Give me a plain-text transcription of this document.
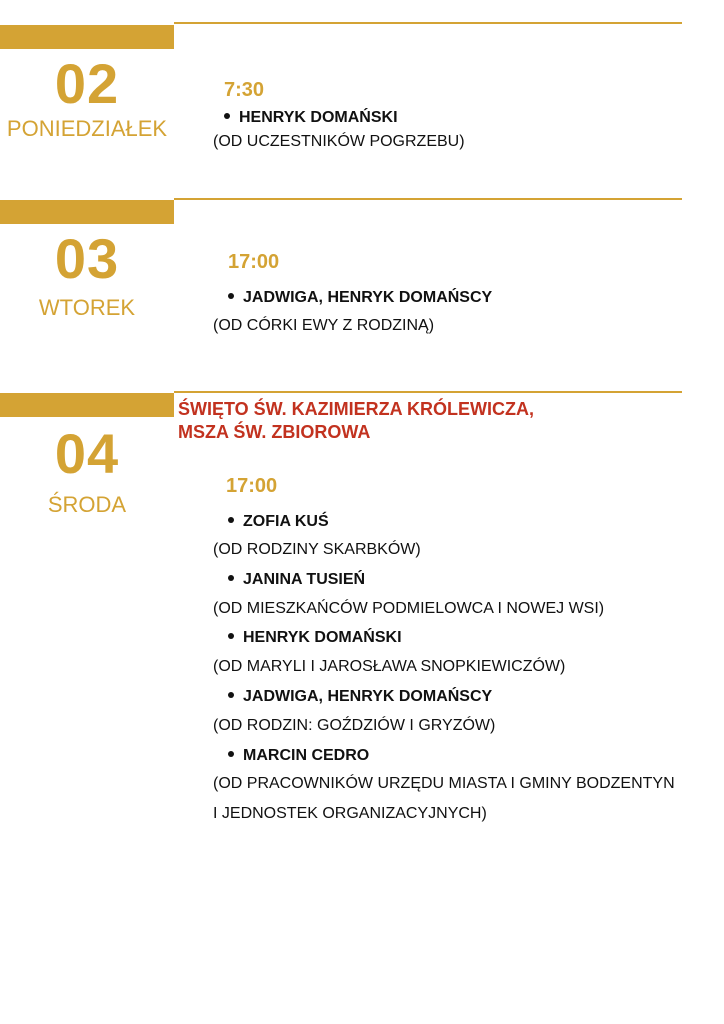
02
PONIEDZIAŁEK
7:30
HENRYK DOMAŃSKI
(OD UCZESTNIKÓW POGRZEBU)
03
WTOREK
17:00
JADWIGA, HENRYK DOMAŃSCY
(OD CÓRKI EWY Z RODZINĄ)
ŚWIĘTO ŚW. KAZIMIERZA KRÓLEWICZA,
MSZA ŚW. ZBIOROWA
04
ŚRODA
17:00
ZOFIA KUŚ
(OD RODZINY SKARBKÓW)
JANINA TUSIEŃ
(OD MIESZKAŃCÓW PODMIELOWCA I NOWEJ WSI)
HENRYK DOMAŃSKI
(OD MARYLI I JAROSŁAWA SNOPKIEWICZÓW)
JADWIGA, HENRYK DOMAŃSCY
(OD RODZIN: GOŹDZIÓW I GRYZÓW)
MARCIN CEDRO
(OD PRACOWNIKÓW URZĘDU MIASTA I GMINY BODZENTYN
I JEDNOSTEK ORGANIZACYJNYCH)
